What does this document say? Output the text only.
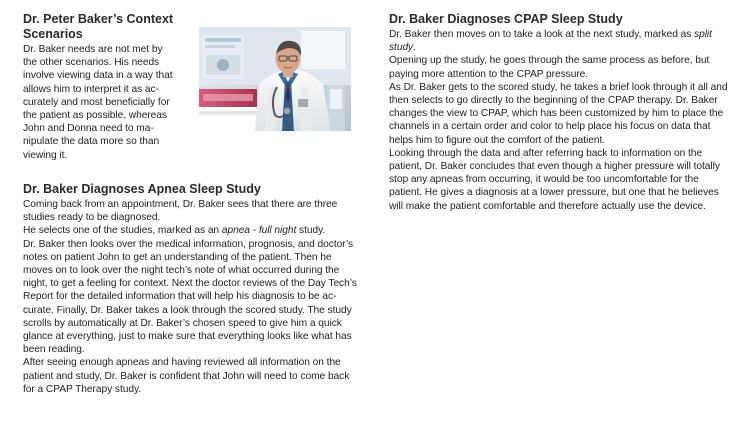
Dr. Peter Baker’s Context
Scenarios

Dr. Baker needs are not met by
the other scenarios. His needs
involve viewing data in a way that
allows him to interpret it as ac-
curately and most beneficially for
the patient as possible, whereas
John and Donna need to ma-
nipulate the data more so than
viewing it.

Dr. Baker Diagnoses Apnea Sleep Study

Coming back from an appointment, Dr. Baker sees that there are three
studies ready to be diagnosed.
He selects one of the studies, marked as an apnea - full night study.
Dr. Baker then looks over the medical information, prognosis, and doctor’s
notes on patient John to get an understanding of the patient. Then he
moves on to look over the night tech’s note of what occurred during the
night, to get a feeling for context. Next the doctor reviews of the Day Tech’s
Report for the detailed information that will help his diagnosis to be ac-
curate. Finally, Dr. Baker takes a look through the scored study. The study
scrolls by automatically at Dr. Baker’s chosen speed to give him a quick
glance at everything, just to make sure that everything looks like what has
been reading.
After seeing enough apneas and having reviewed all information on the
patient and study, Dr. Baker is confident that John will need to come back
for a CPAP Therapy study.

Dr. Baker Diagnoses CPAP Sleep Study

Dr. Baker then moves on to take a look at the next study, marked as split
study.
Opening up the study, he goes through the same process as before, but
paying more attention to the CPAP pressure.
As Dr. Baker gets to the scored study, he takes a brief look through it all and
then selects to go directly to the beginning of the CPAP therapy. Dr. Baker
changes the view to CPAP, which has been customized by him to place the
channels in a certain order and color to help place his focus on data that
helps him to figure out the comfort of the patient.
Looking through the data and after referring back to information on the
patient, Dr. Baker concludes that even though a higher pressure will totally
stop any apneas from occurring, it would be too uncomfortable for the
patient. He gives a diagnosis at a lower pressure, but one that he believes
will make the patient comfortable and therefore actually use the device.
